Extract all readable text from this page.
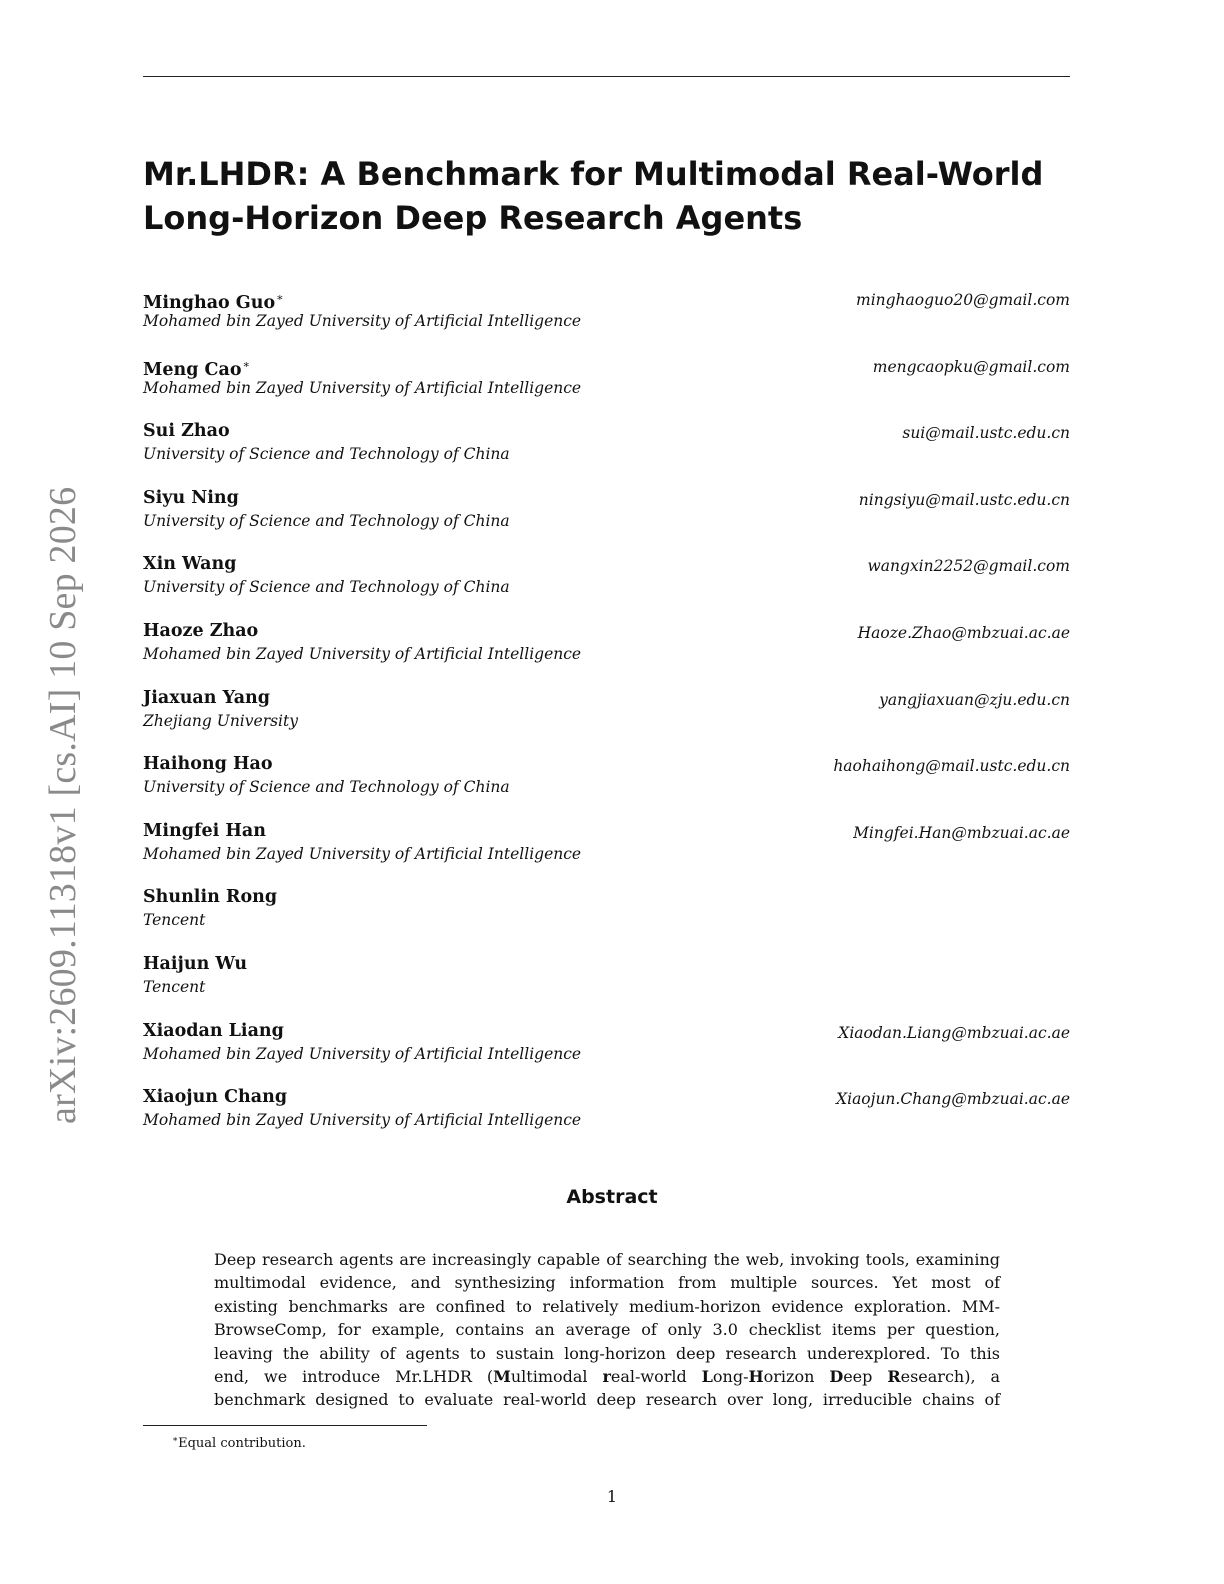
arXiv:2609.11318v1 [cs.AI] 10 Sep 2026
Mr.LHDR: A Benchmark for Multimodal Real-World
Long-Horizon Deep Research Agents
Minghao Guo∗
Mohamed bin Zayed University of Artificial Intelligence
minghaoguo20@gmail.com
Meng Cao∗
Mohamed bin Zayed University of Artificial Intelligence
mengcaopku@gmail.com
Sui Zhao
University of Science and Technology of China
sui@mail.ustc.edu.cn
Siyu Ning
University of Science and Technology of China
ningsiyu@mail.ustc.edu.cn
Xin Wang
University of Science and Technology of China
wangxin2252@gmail.com
Haoze Zhao
Mohamed bin Zayed University of Artificial Intelligence
Haoze.Zhao@mbzuai.ac.ae
Jiaxuan Yang
Zhejiang University
yangjiaxuan@zju.edu.cn
Haihong Hao
University of Science and Technology of China
haohaihong@mail.ustc.edu.cn
Mingfei Han
Mohamed bin Zayed University of Artificial Intelligence
Mingfei.Han@mbzuai.ac.ae
Shunlin Rong
Tencent
Haijun Wu
Tencent
Xiaodan Liang
Mohamed bin Zayed University of Artificial Intelligence
Xiaodan.Liang@mbzuai.ac.ae
Xiaojun Chang
Mohamed bin Zayed University of Artificial Intelligence
Xiaojun.Chang@mbzuai.ac.ae
Abstract
Deep research agents are increasingly capable of searching the web, invoking tools, examining
multimodal evidence, and synthesizing information from multiple sources. Yet most of
existing benchmarks are confined to relatively medium-horizon evidence exploration. MM-
BrowseComp, for example, contains an average of only 3.0 checklist items per question,
leaving the ability of agents to sustain long-horizon deep research underexplored. To this
end, we introduce Mr.LHDR (Multimodal real-world Long-Horizon Deep Research), a
benchmark designed to evaluate real-world deep research over long, irreducible chains of
∗Equal contribution.
1
